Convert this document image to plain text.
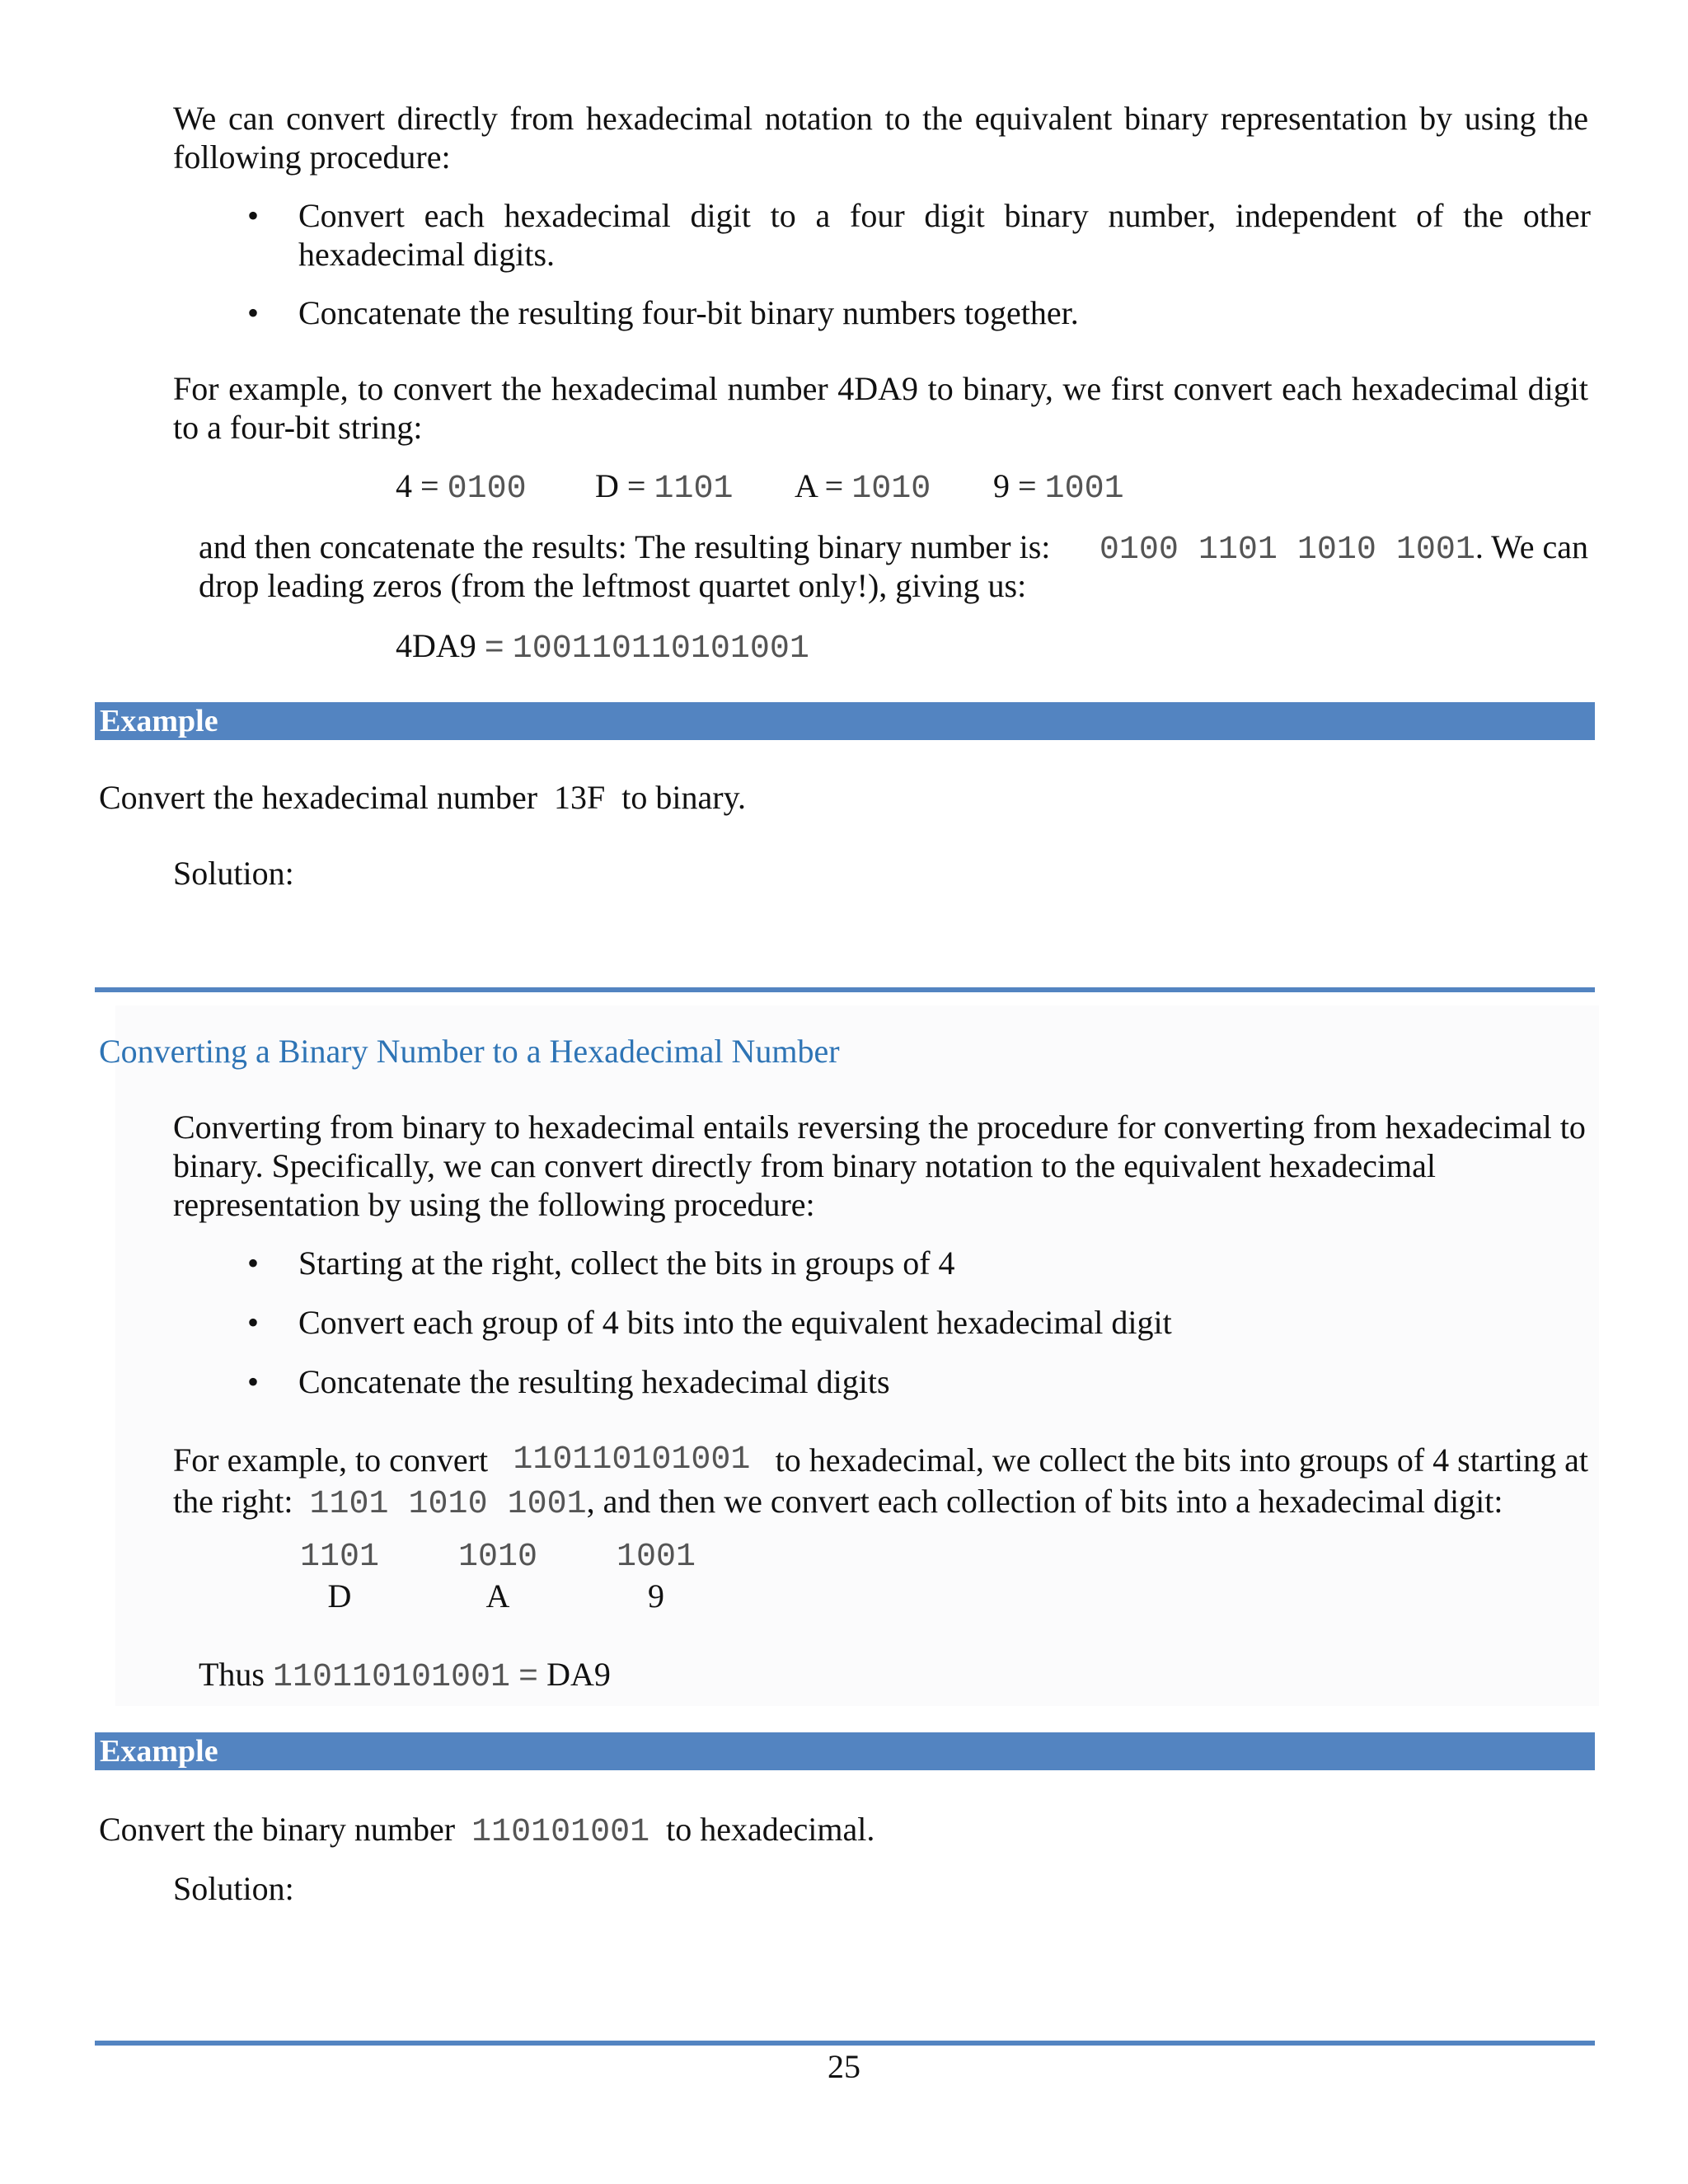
We can convert directly from hexadecimal notation to the equivalent binary representation by using the following procedure:

• Convert each hexadecimal digit to a four digit binary number, independent of the other hexadecimal digits.
• Concatenate the resulting four-bit binary numbers together.

For example, to convert the hexadecimal number 4DA9 to binary, we first convert each hexadecimal digit to a four-bit string:

4 = 0100 D = 1101 A = 1010 9 = 1001
and then concatenate the results: The resulting binary number is: 0100 1101 1010 1001. We can
drop leading zeros (from the leftmost quartet only!), giving us:
4DA9 = 100110110101001
Example
Convert the hexadecimal number 13F to binary.
Solution:
Converting a Binary Number to a Hexadecimal Number

Converting from binary to hexadecimal entails reversing the procedure for converting from hexadecimal to binary. Specifically, we can convert directly from binary notation to the equivalent hexadecimal representation by using the following procedure:

• Starting at the right, collect the bits in groups of 4
• Convert each group of 4 bits into the equivalent hexadecimal digit
• Concatenate the resulting hexadecimal digits
For example, to convert 110110101001 to hexadecimal, we collect the bits into groups of 4 starting at
the right: 1101 1010 1001, and then we convert each collection of bits into a hexadecimal digit:
1101
D
1010
A
1001
9
Thus 110110101001 = DA9
Example
Convert the binary number 110101001 to hexadecimal.
Solution:
25
